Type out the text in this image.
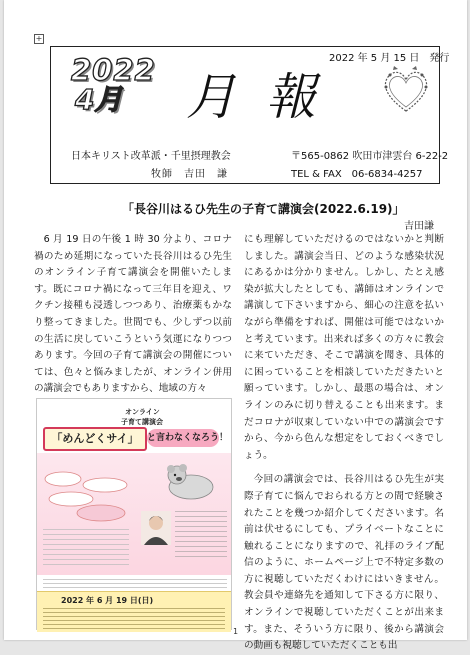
+
2022 年 5 月 15 日　発行
2022
4月	月報
日本キリスト改革派・千里摂理教会
牧師　吉田　謙
〒565-0862 吹田市津雲台 6-22-2
TEL & FAX　06-6834-4257
「長谷川はるひ先生の子育て講演会(2022.6.19)」
吉田謙

6 月 19 日の午後 1 時 30 分より、コロナ禍のため延期になっていた長谷川はるひ先生のオンライン子育て講演会を開催いたします。既にコロナ禍になって三年目を迎え、ワクチン接種も浸透しつつあり、治療薬もかなり整ってきました。世間でも、少しずつ以前の生活に戻していこうという気運になりつつあります。今回の子育て講演会の開催については、色々と悩みましたが、オンライン併用の講演会でもありますから、地域の方々

にも理解していただけるのではないかと判断しました。講演会当日、どのような感染状況にあるかは分かりません。しかし、たとえ感染が拡大したとしても、講師はオンラインで講演して下さいますから、細心の注意を払いながら準備をすれば、開催は可能ではないかと考えています。出来れば多くの方々に教会に来ていただき、そこで講演を聞き、具体的に困っていることを相談していただきたいと願っています。しかし、最悪の場合は、オンラインのみに切り替えることも出来ます。まだコロナが収束していない中での講演会ですから、今から色んな想定をしておくべきでしょう。

今回の講演会では、長谷川はるひ先生が実際子育てに悩んでおられる方との間で経験されたことを幾つか紹介してくださいます。名前は伏せるにしても、プライベートなことに触れることになりますので、礼拝のライブ配信のように、ホームページ上で不特定多数の方に視聴していただくわけにはいきません。教会員や連絡先を通知して下さる方に限り、オンラインで視聴していただくことが出来ます。また、そういう方に限り、後から講演会の動画も視聴していただくことも出

オンライン
子育て講演会
「めんどくサイ」 と言わなくなろう！
2022 年 6 月 19 日(日)
1
